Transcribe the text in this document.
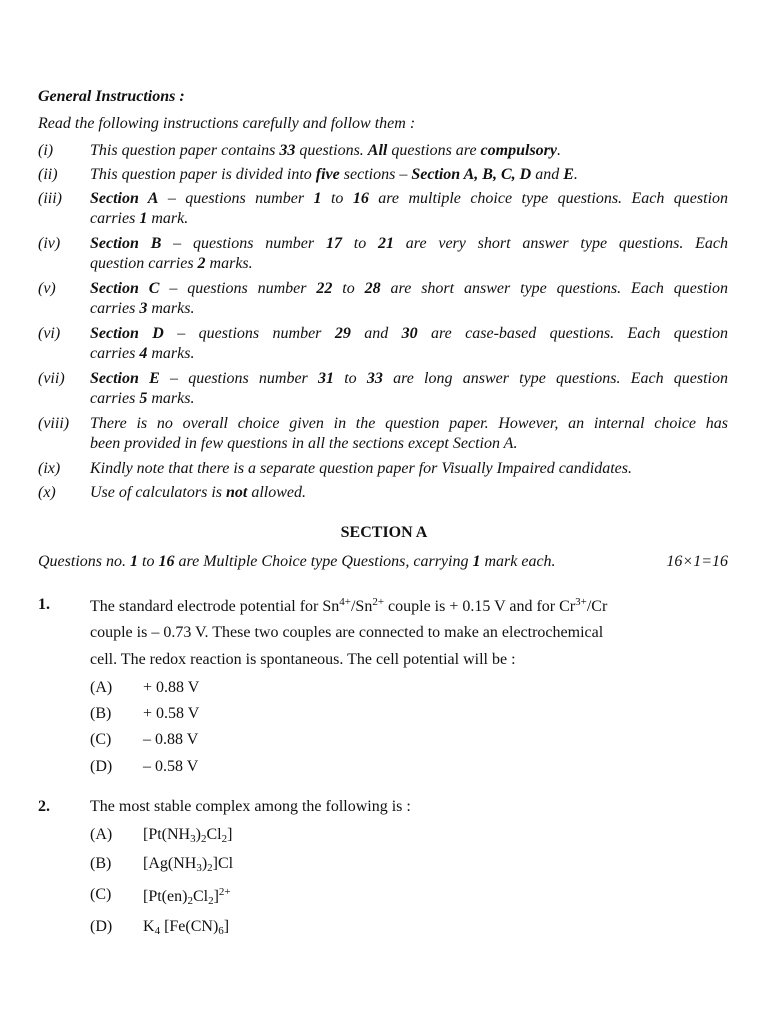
General Instructions :
Read the following instructions carefully and follow them :
(i) This question paper contains 33 questions. All questions are compulsory.
(ii) This question paper is divided into five sections – Section A, B, C, D and E.
(iii) Section A – questions number 1 to 16 are multiple choice type questions. Each question
carries 1 mark.
(iv) Section B – questions number 17 to 21 are very short answer type questions. Each
question carries 2 marks.
(v) Section C – questions number 22 to 28 are short answer type questions. Each question
carries 3 marks.
(vi) Section D – questions number 29 and 30 are case-based questions. Each question
carries 4 marks.
(vii) Section E – questions number 31 to 33 are long answer type questions. Each question
carries 5 marks.
(viii) There is no overall choice given in the question paper. However, an internal choice has
been provided in few questions in all the sections except Section A.
(ix) Kindly note that there is a separate question paper for Visually Impaired candidates.
(x) Use of calculators is not allowed.
SECTION A
Questions no. 1 to 16 are Multiple Choice type Questions, carrying 1 mark each.	16×1=16
1.	The standard electrode potential for $Sn^{4+}/Sn^{2+}$ couple is + 0.15 V and for $Cr^{3+}/Cr$
couple is – 0.73 V. These two couples are connected to make an electrochemical
cell. The redox reaction is spontaneous. The cell potential will be :
(A) + 0.88 V
(B) + 0.58 V
(C) – 0.88 V
(D) – 0.58 V
2.	The most stable complex among the following is :
(A) $[Pt(NH_3)_2Cl_2]$
(B) $[Ag(NH_3)_2]Cl$
(C) $[Pt(en)_2Cl_2]^{2+}$
(D) $K_4$ $[Fe(CN)_6]$
